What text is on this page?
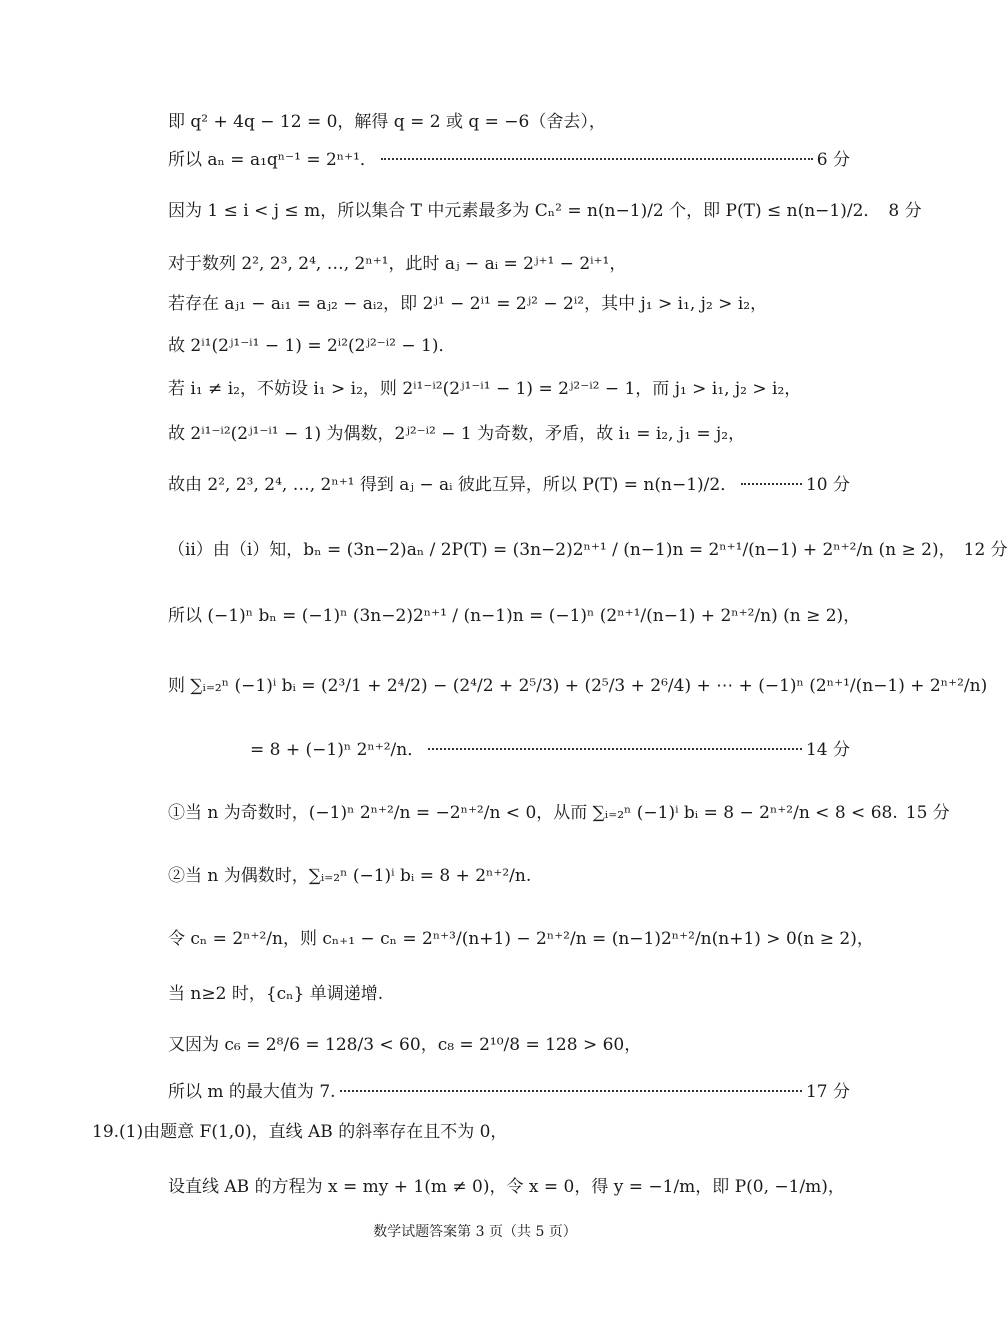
即 q² + 4q − 12 = 0，解得 q = 2 或 q = −6（舍去），
所以 aₙ = a₁qⁿ⁻¹ = 2ⁿ⁺¹．	6 分
因为 1 ≤ i < j ≤ m，所以集合 T 中元素最多为 Cₙ² = n(n−1)/2 个，即 P(T) ≤ n(n−1)/2． 8 分
对于数列 2², 2³, 2⁴, …, 2ⁿ⁺¹，此时 aⱼ − aᵢ = 2ʲ⁺¹ − 2ⁱ⁺¹，
若存在 aⱼ₁ − aᵢ₁ = aⱼ₂ − aᵢ₂，即 2ʲ¹ − 2ⁱ¹ = 2ʲ² − 2ⁱ²，其中 j₁ > i₁, j₂ > i₂，
故 2ⁱ¹(2ʲ¹⁻ⁱ¹ − 1) = 2ⁱ²(2ʲ²⁻ⁱ² − 1)．
若 i₁ ≠ i₂，不妨设 i₁ > i₂，则 2ⁱ¹⁻ⁱ²(2ʲ¹⁻ⁱ¹ − 1) = 2ʲ²⁻ⁱ² − 1，而 j₁ > i₁, j₂ > i₂，
故 2ⁱ¹⁻ⁱ²(2ʲ¹⁻ⁱ¹ − 1) 为偶数，2ʲ²⁻ⁱ² − 1 为奇数，矛盾，故 i₁ = i₂, j₁ = j₂，
故由 2², 2³, 2⁴, …, 2ⁿ⁺¹ 得到 aⱼ − aᵢ 彼此互异，所以 P(T) = n(n−1)/2．	10 分
（ii）由（i）知，bₙ = (3n−2)aₙ / 2P(T) = (3n−2)2ⁿ⁺¹ / (n−1)n = 2ⁿ⁺¹/(n−1) + 2ⁿ⁺²/n (n ≥ 2)， 12 分
所以 (−1)ⁿ bₙ = (−1)ⁿ (3n−2)2ⁿ⁺¹ / (n−1)n = (−1)ⁿ (2ⁿ⁺¹/(n−1) + 2ⁿ⁺²/n) (n ≥ 2)，
则 ∑ᵢ₌₂ⁿ (−1)ⁱ bᵢ = (2³/1 + 2⁴/2) − (2⁴/2 + 2⁵/3) + (2⁵/3 + 2⁶/4) + ⋯ + (−1)ⁿ (2ⁿ⁺¹/(n−1) + 2ⁿ⁺²/n)
= 8 + (−1)ⁿ 2ⁿ⁺²/n．	14 分
①当 n 为奇数时，(−1)ⁿ 2ⁿ⁺²/n = −2ⁿ⁺²/n < 0，从而 ∑ᵢ₌₂ⁿ (−1)ⁱ bᵢ = 8 − 2ⁿ⁺²/n < 8 < 68. 15 分
②当 n 为偶数时，∑ᵢ₌₂ⁿ (−1)ⁱ bᵢ = 8 + 2ⁿ⁺²/n.
令 cₙ = 2ⁿ⁺²/n，则 cₙ₊₁ − cₙ = 2ⁿ⁺³/(n+1) − 2ⁿ⁺²/n = (n−1)2ⁿ⁺²/n(n+1) > 0(n ≥ 2)，
当 n≥2 时，{cₙ} 单调递增.
又因为 c₆ = 2⁸/6 = 128/3 < 60，c₈ = 2¹⁰/8 = 128 > 60，
所以 m 的最大值为 7.	17 分
19.(1)由题意 F(1,0)，直线 AB 的斜率存在且不为 0，
设直线 AB 的方程为 x = my + 1(m ≠ 0)，令 x = 0，得 y = −1/m，即 P(0, −1/m)，
数学试题答案第 3 页（共 5 页）
